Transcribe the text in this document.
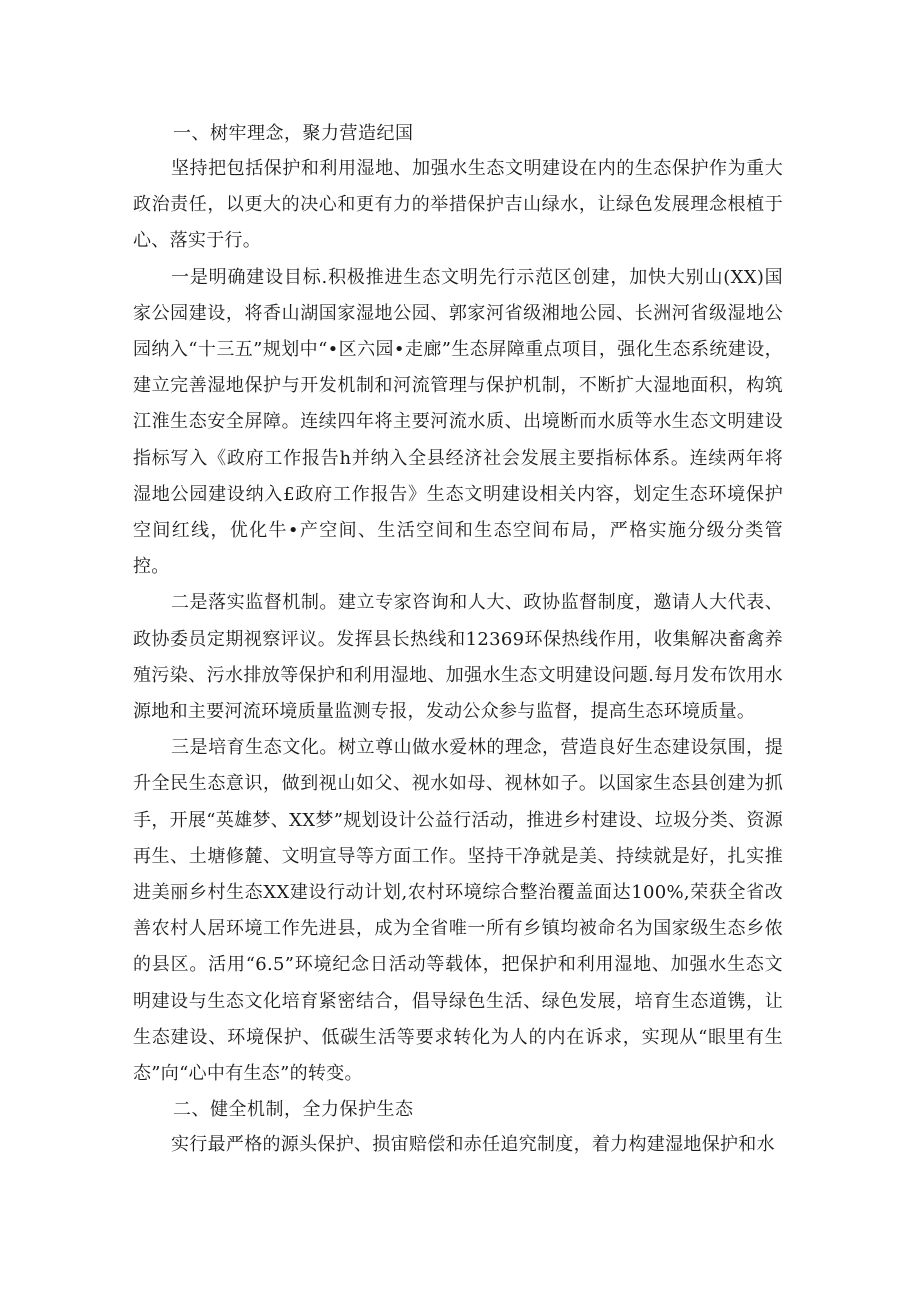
一、树牢理念，聚力营造纪国

坚持把包括保护和利用湿地、加强水生态文明建设在内的生态保护作为重大政治责任，以更大的决心和更有力的举措保护吉山绿水，让绿色发展理念根植于心、落实于行。

一是明确建设目标.积极推进生态文明先行示范区创建，加快大别山(XX)国家公园建设，将香山湖国家湿地公园、郭家河省级湘地公园、长洲河省级湿地公园纳入“十三五”规划中“•区六园•走廊”生态屏障重点项目，强化生态系统建设，建立完善湿地保护与开发机制和河流管理与保护机制，不断扩大湿地面积，构筑江淮生态安全屏障。连续四年将主要河流水质、出境断而水质等水生态文明建设指标写入《政府工作报告h并纳入全县经济社会发展主要指标体系。连续两年将湿地公园建设纳入£政府工作报告》生态文明建设相关内容，划定生态环境保护空间红线，优化牛•产空间、生活空间和生态空间布局，严格实施分级分类管控。

二是落实监督机制。建立专家咨询和人大、政协监督制度，邀请人大代表、政协委员定期视察评议。发挥县长热线和12369环保热线作用，收集解决畜禽养殖污染、污水排放等保护和利用湿地、加强水生态文明建设问题.每月发布饮用水源地和主要河流环境质量监测专报，发动公众参与监督，提高生态环境质量。

三是培育生态文化。树立尊山做水爱林的理念，营造良好生态建设氛围，提升全民生态意识，做到视山如父、视水如母、视林如子。以国家生态县创建为抓手，开展“英雄梦、XX梦”规划设计公益行活动，推进乡村建设、垃圾分类、资源再生、土塘修麓、文明宣导等方面工作。坚持干净就是美、持续就是好，扎实推进美丽乡村生态XX建设行动计划,农村环境综合整治覆盖面达100%,荣获全省改善农村人居环境工作先进县，成为全省唯一所有乡镇均被命名为国家级生态乡侬的县区。活用“6.5”环境纪念日活动等载体，把保护和利用湿地、加强水生态文明建设与生态文化培育紧密结合，倡导绿色生活、绿色发展，培育生态道镌，让生态建设、环境保护、低碳生活等要求转化为人的内在诉求，实现从“眼里有生态”向“心中有生态”的转变。

二、健全机制，全力保护生态

实行最严格的源头保护、损宙赔偿和赤任追究制度，着力构建湿地保护和水
